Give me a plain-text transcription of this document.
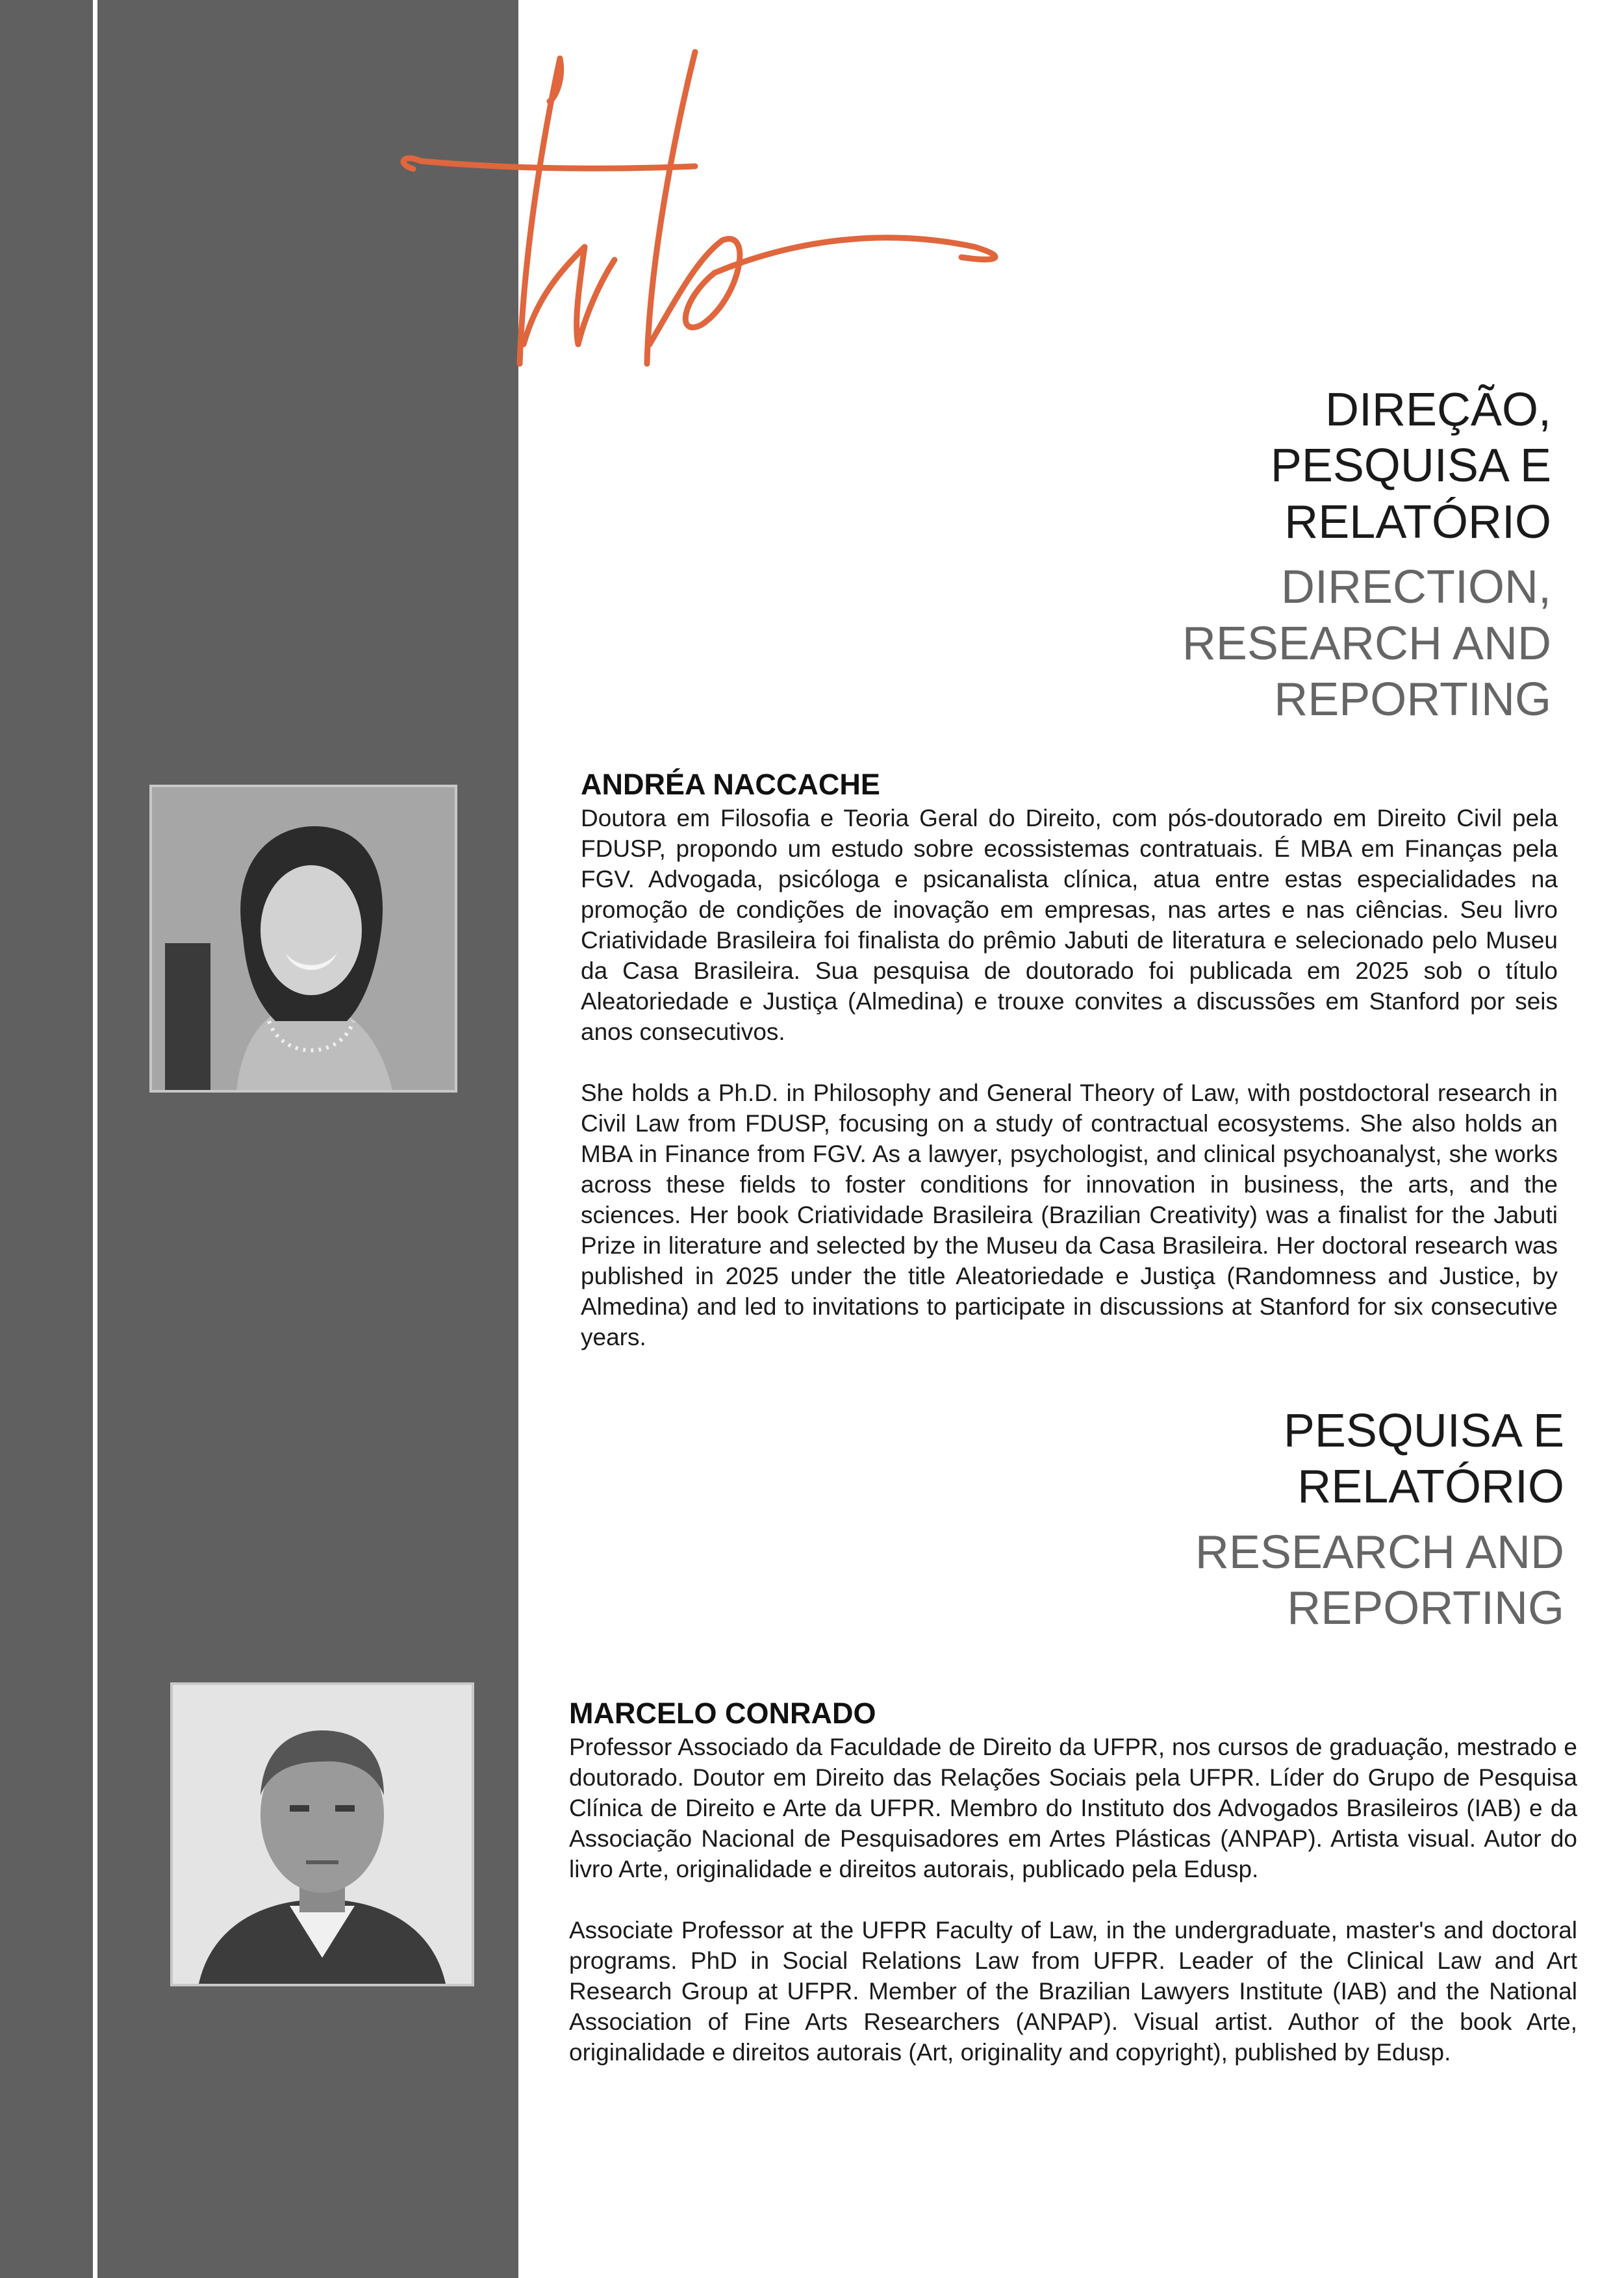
DIREÇÃO,
PESQUISA E
RELATÓRIO
DIRECTION,
RESEARCH AND
REPORTING
ANDRÉA NACCACHE

Doutora em Filosofia e Teoria Geral do Direito, com pós-doutorado em Direito Civil pela FDUSP, propondo um estudo sobre ecossistemas contratuais. É MBA em Finanças pela FGV. Advogada, psicóloga e psicanalista clínica, atua entre estas especialidades na promoção de condições de inovação em empresas, nas artes e nas ciências. Seu livro Criatividade Brasileira foi finalista do prêmio Jabuti de literatura e selecionado pelo Museu da Casa Brasileira. Sua pesquisa de doutorado foi publicada em 2025 sob o título Aleatoriedade e Justiça (Almedina) e trouxe convites a discussões em Stanford por seis anos consecutivos.

She holds a Ph.D. in Philosophy and General Theory of Law, with postdoctoral research in Civil Law from FDUSP, focusing on a study of contractual ecosystems. She also holds an MBA in Finance from FGV. As a lawyer, psychologist, and clinical psychoanalyst, she works across these fields to foster conditions for innovation in business, the arts, and the sciences. Her book Criatividade Brasileira (Brazilian Creativity) was a finalist for the Jabuti Prize in literature and selected by the Museu da Casa Brasileira. Her doctoral research was published in 2025 under the title Aleatoriedade e Justiça (Randomness and Justice, by Almedina) and led to invitations to participate in discussions at Stanford for six consecutive years.

PESQUISA E
RELATÓRIO
RESEARCH AND
REPORTING
MARCELO CONRADO

Professor Associado da Faculdade de Direito da UFPR, nos cursos de graduação, mestrado e doutorado. Doutor em Direito das Relações Sociais pela UFPR. Líder do Grupo de Pesquisa Clínica de Direito e Arte da UFPR. Membro do Instituto dos Advogados Brasileiros (IAB) e da Associação Nacional de Pesquisadores em Artes Plásticas (ANPAP). Artista visual. Autor do livro Arte, originalidade e direitos autorais, publicado pela Edusp.

Associate Professor at the UFPR Faculty of Law, in the undergraduate, master's and doctoral programs. PhD in Social Relations Law from UFPR. Leader of the Clinical Law and Art Research Group at UFPR. Member of the Brazilian Lawyers Institute (IAB) and the National Association of Fine Arts Researchers (ANPAP). Visual artist. Author of the book Arte, originalidade e direitos autorais (Art, originality and copyright), published by Edusp.
